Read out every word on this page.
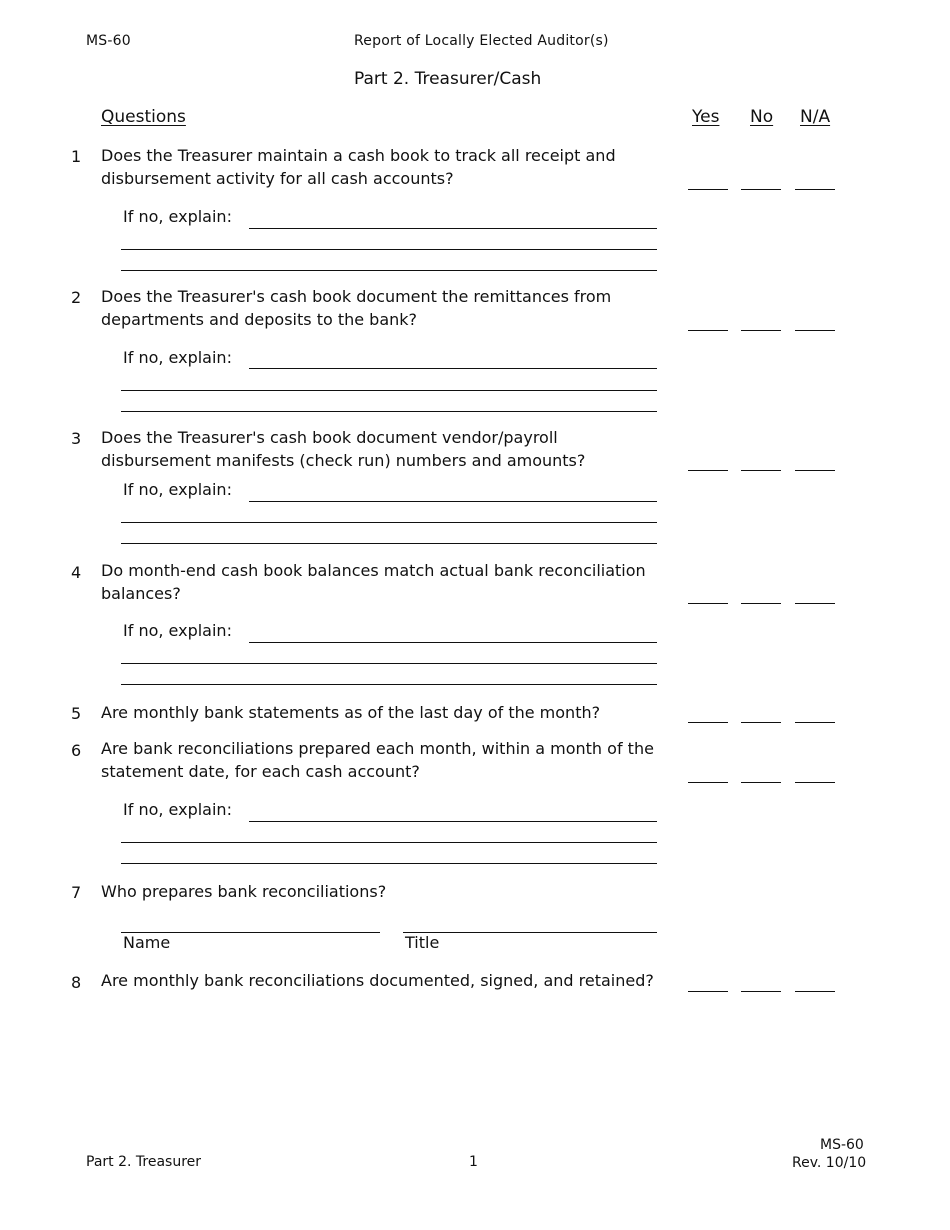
MS-60	Report of Locally Elected Auditor(s)
Part 2. Treasurer/Cash
Questions	Yes No N/A
1 Does the Treasurer maintain a cash book to track all receipt and disbursement activity for all cash accounts?
If no, explain:
2 Does the Treasurer's cash book document the remittances from departments and deposits to the bank?
If no, explain:
3 Does the Treasurer's cash book document vendor/payroll disbursement manifests (check run) numbers and amounts?
If no, explain:
4 Do month-end cash book balances match actual bank reconciliation balances?
If no, explain:
5 Are monthly bank statements as of the last day of the month?
6 Are bank reconciliations prepared each month, within a month of the statement date, for each cash account?
If no, explain:
7 Who prepares bank reconciliations?
Name	Title
8 Are monthly bank reconciliations documented, signed, and retained?
Part 2. Treasurer	1
MS-60
Rev. 10/10
